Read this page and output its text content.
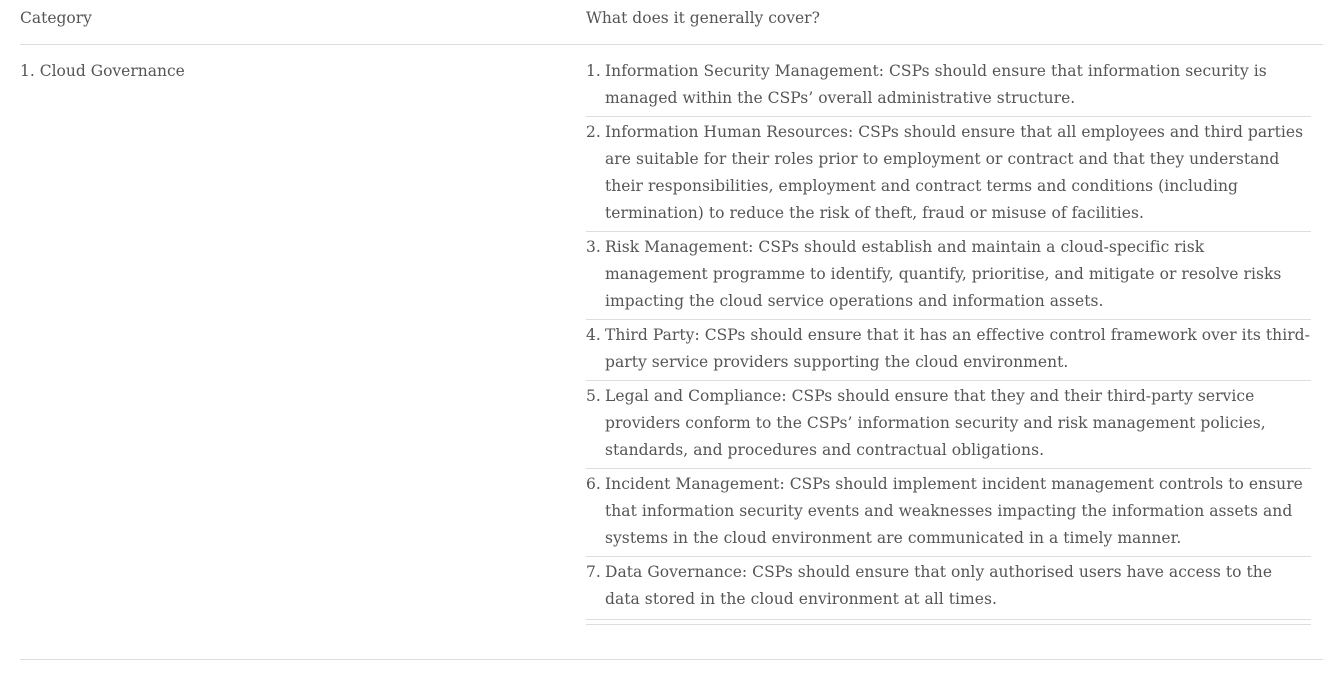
Category	What does it generally cover?
1. Cloud Governance	1. Information Security Management: CSPs should ensure that information security is managed within the CSPs’ overall administrative structure.
2. Information Human Resources: CSPs should ensure that all employees and third parties are suitable for their roles prior to employment or contract and that they understand their responsibilities, employment and contract terms and conditions (including termination) to reduce the risk of theft, fraud or misuse of facilities.
3. Risk Management: CSPs should establish and maintain a cloud-specific risk management programme to identify, quantify, prioritise, and mitigate or resolve risks impacting the cloud service operations and information assets.
4. Third Party: CSPs should ensure that it has an effective control framework over its third-party service providers supporting the cloud environment.
5. Legal and Compliance: CSPs should ensure that they and their third-party service providers conform to the CSPs’ information security and risk management policies, standards, and procedures and contractual obligations.
6. Incident Management: CSPs should implement incident management controls to ensure that information security events and weaknesses impacting the information assets and systems in the cloud environment are communicated in a timely manner.
7. Data Governance: CSPs should ensure that only authorised users have access to the data stored in the cloud environment at all times.
